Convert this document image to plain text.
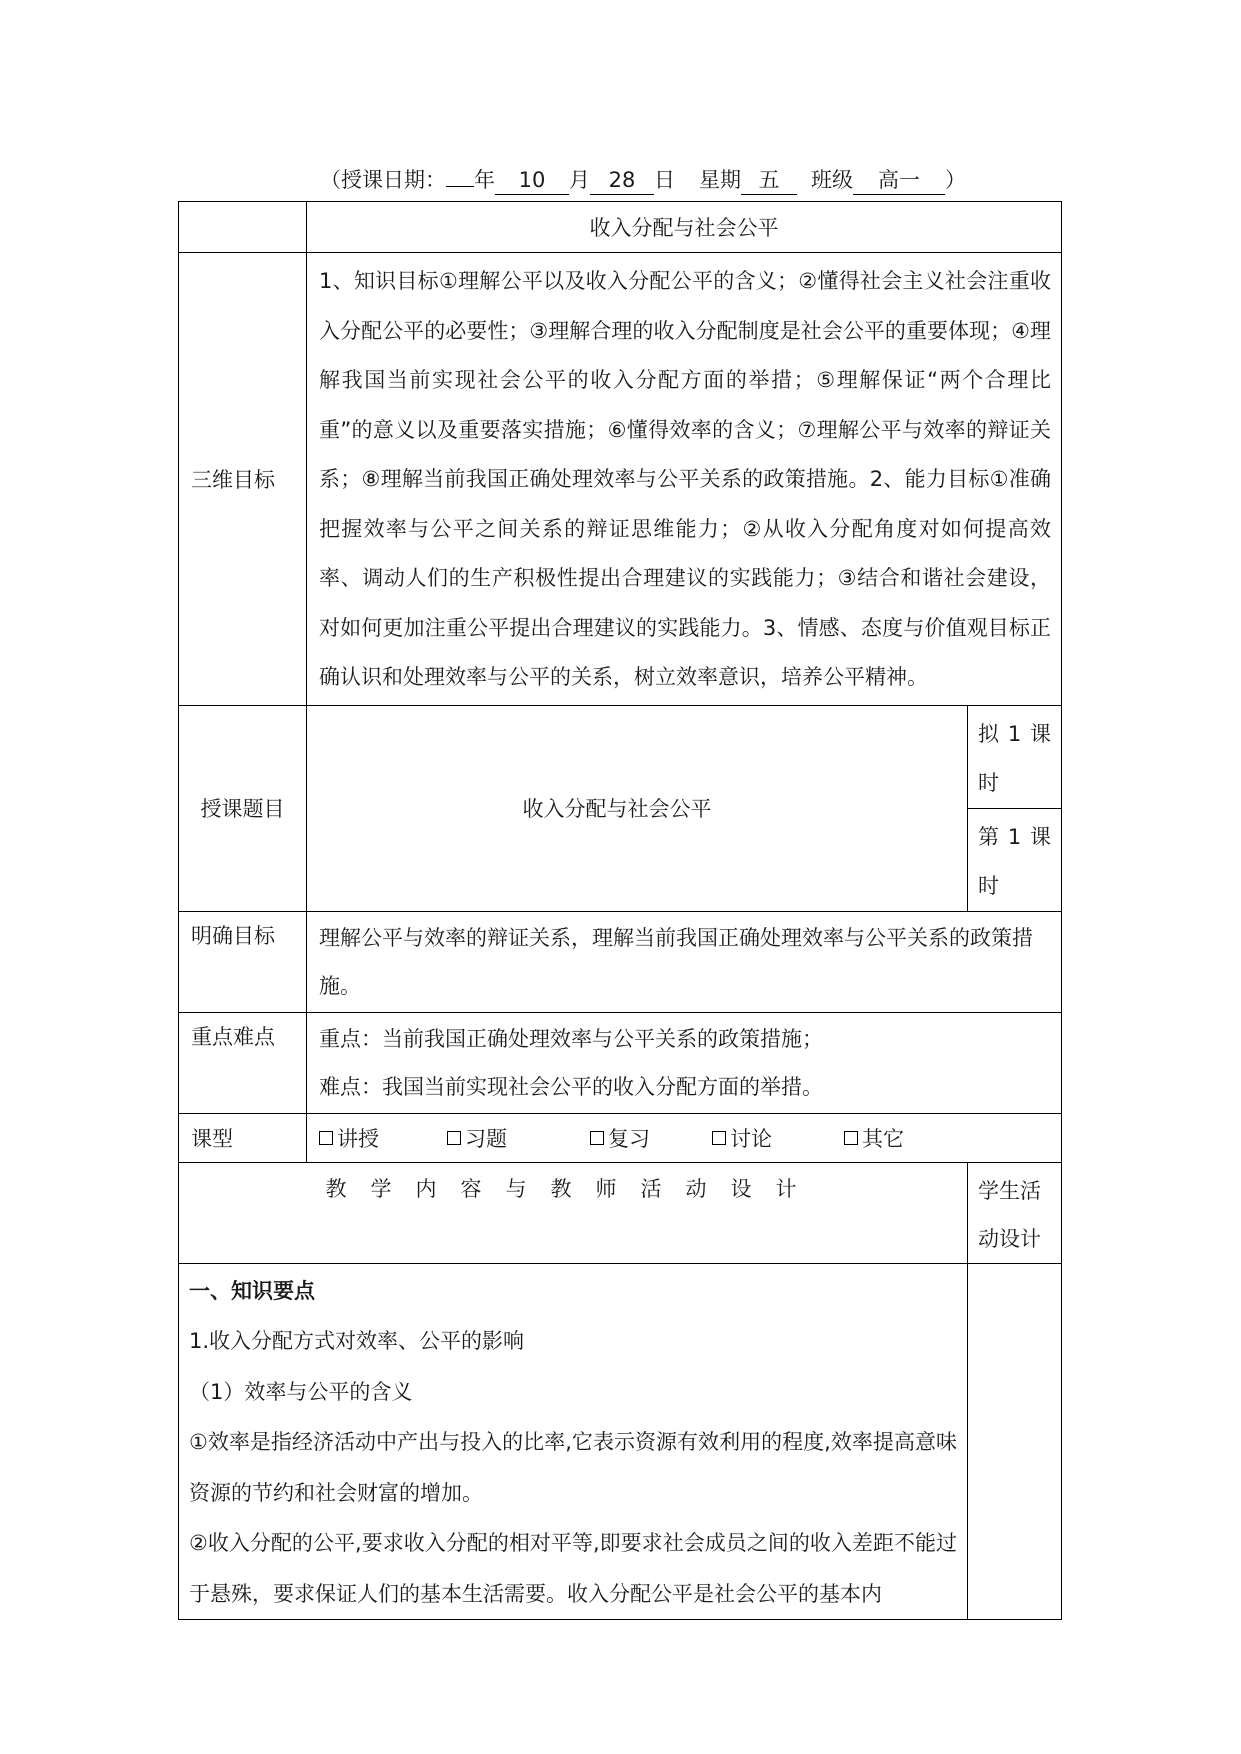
（授课日期： 年 10 月 28 日 星期 五 班级 高一 ）
	收入分配与社会公平	
三维目标	1、知识目标①理解公平以及收入分配公平的含义；②懂得社会主义社会注重收入分配公平的必要性；③理解合理的收入分配制度是社会公平的重要体现；④理解我国当前实现社会公平的收入分配方面的举措；⑤理解保证“两个合理比重”的意义以及重要落实措施；⑥懂得效率的含义；⑦理解公平与效率的辩证关系；⑧理解当前我国正确处理效率与公平关系的政策措施。2、能力目标①准确把握效率与公平之间关系的辩证思维能力；②从收入分配角度对如何提高效率、调动人们的生产积极性提出合理建议的实践能力；③结合和谐社会建设，对如何更加注重公平提出合理建议的实践能力。3、情感、态度与价值观目标正确认识和处理效率与公平的关系，树立效率意识，培养公平精神。	
授课题目	收入分配与社会公平	拟 1 课
时

		第 1 课
时

明确目标	理解公平与效率的辩证关系，理解当前我国正确处理效率与公平关系的政策措施。	
重点难点	重点：当前我国正确处理效率与公平关系的政策措施；
难点：我国当前实现社会公平的收入分配方面的举措。	

课型	讲授 习题 复习 讨论 其它	

教学内容与教师活动设计		学生活动设计

一、知识要点
1.收入分配方式对效率、公平的影响
（1）效率与公平的含义
①效率是指经济活动中产出与投入的比率,它表示资源有效利用的程度,效率提高意味资源的节约和社会财富的增加。
②收入分配的公平,要求收入分配的相对平等,即要求社会成员之间的收入差距不能过于悬殊，要求保证人们的基本生活需要。收入分配公平是社会公平的基本内		
